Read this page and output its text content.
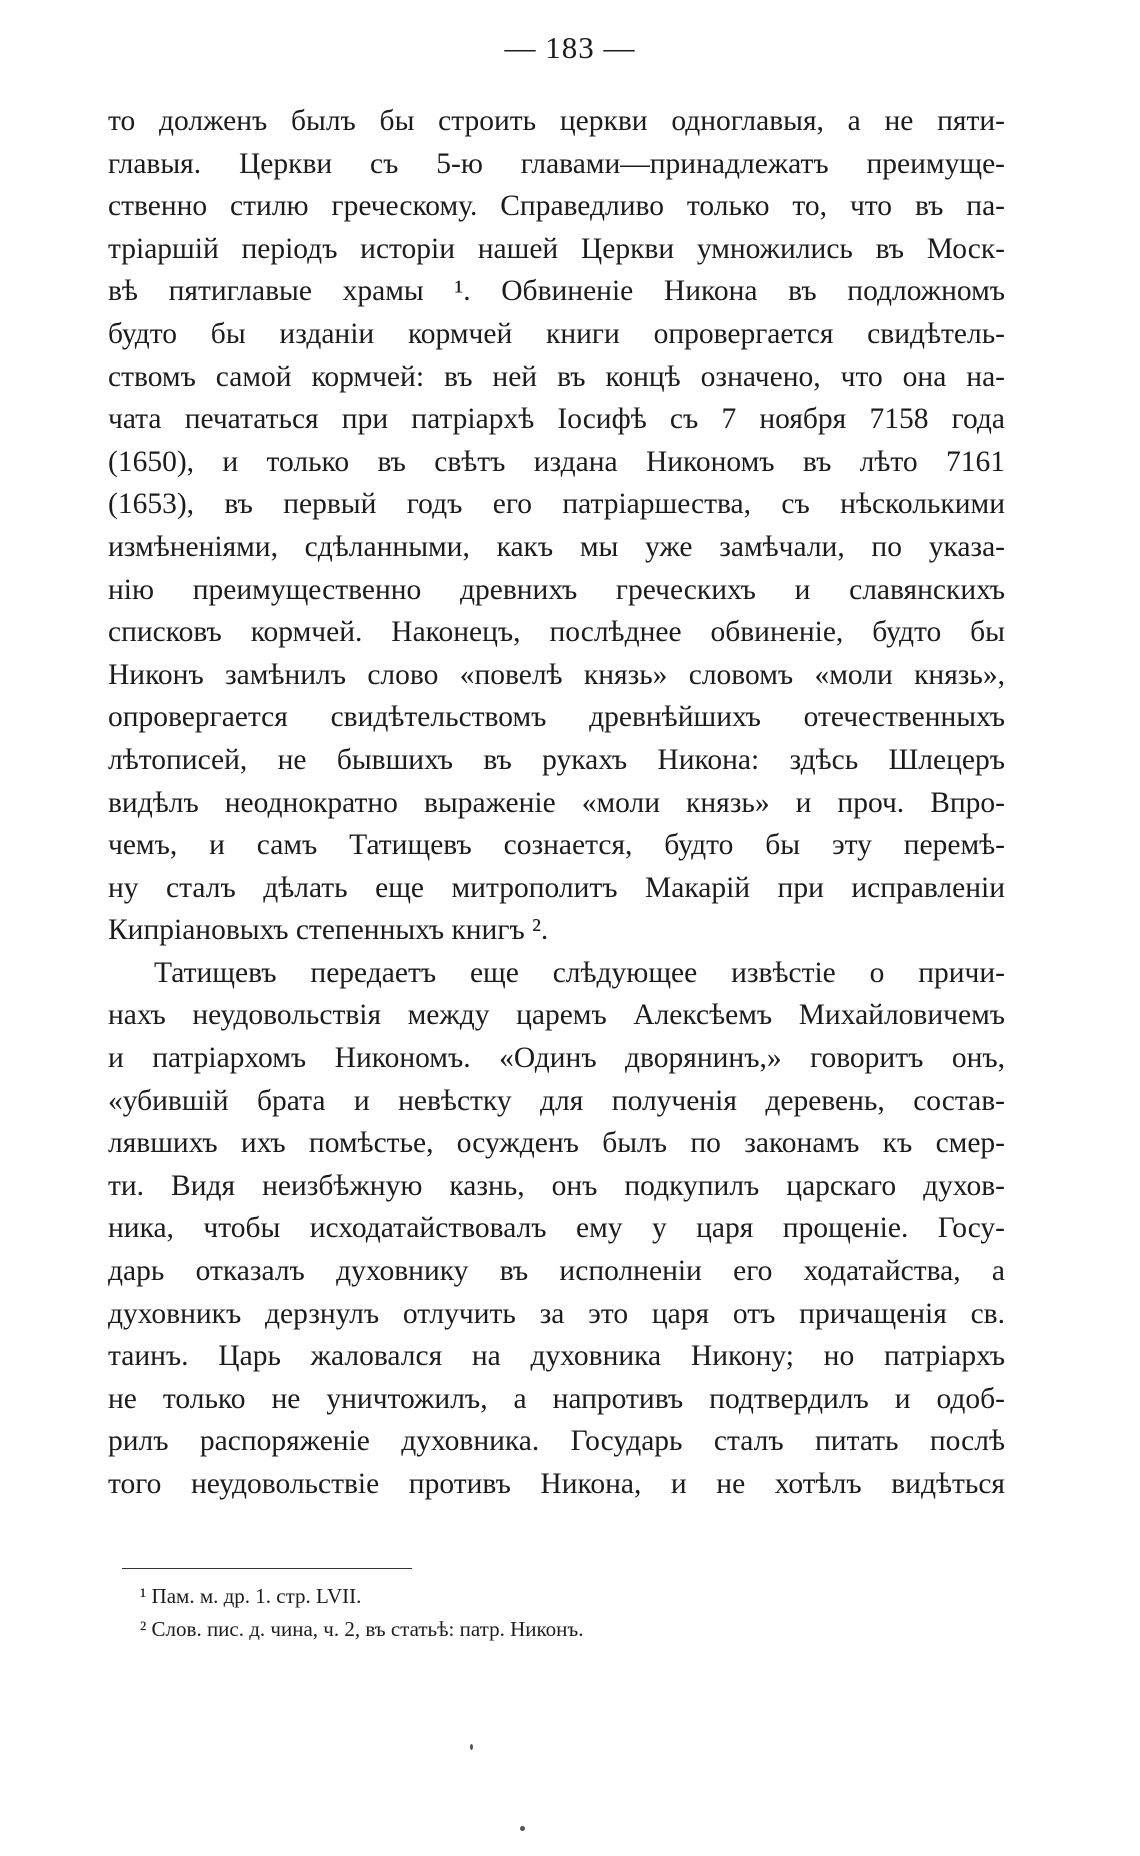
— 183 —
то долженъ былъ бы строить церкви одноглавыя, а не пяти-
главыя. Церкви съ 5-ю главами—принадлежатъ преимуще-
ственно стилю греческому. Справедливо только то, что въ па-
тріаршій періодъ исторіи нашей Церкви умножились въ Моск-
вѣ пятиглавые храмы ¹. Обвиненіе Никона въ подложномъ
будто бы изданіи кормчей книги опровергается свидѣтель-
ствомъ самой кормчей: въ ней въ концѣ означено, что она на-
чата печататься при патріархѣ Іосифѣ съ 7 ноября 7158 года
(1650), и только въ свѣтъ издана Никономъ въ лѣто 7161
(1653), въ первый годъ его патріаршества, съ нѣсколькими
измѣненіями, сдѣланными, какъ мы уже замѣчали, по указа-
нію преимущественно древнихъ греческихъ и славянскихъ
списковъ кормчей. Наконецъ, послѣднее обвиненіе, будто бы
Никонъ замѣнилъ слово «повелѣ князь» словомъ «моли князь»,
опровергается свидѣтельствомъ древнѣйшихъ отечественныхъ
лѣтописей, не бывшихъ въ рукахъ Никона: здѣсь Шлецеръ
видѣлъ неоднократно выраженіе «моли князь» и проч. Впро-
чемъ, и самъ Татищевъ сознается, будто бы эту перемѣ-
ну сталъ дѣлать еще митрополитъ Макарій при исправленіи
Кипріановыхъ степенныхъ книгъ ².
Татищевъ передаетъ еще слѣдующее извѣстіе о причи-
нахъ неудовольствія между царемъ Алексѣемъ Михайловичемъ
и патріархомъ Никономъ. «Одинъ дворянинъ,» говоритъ онъ,
«убившій брата и невѣстку для полученія деревень, состав-
лявшихъ ихъ помѣстье, осужденъ былъ по законамъ къ смер-
ти. Видя неизбѣжную казнь, онъ подкупилъ царскаго духов-
ника, чтобы исходатайствовалъ ему у царя прощеніе. Госу-
дарь отказалъ духовнику въ исполненіи его ходатайства, а
духовникъ дерзнулъ отлучить за это царя отъ причащенія св.
таинъ. Царь жаловался на духовника Никону; но патріархъ
не только не уничтожилъ, а напротивъ подтвердилъ и одоб-
рилъ распоряженіе духовника. Государь сталъ питать послѣ
того неудовольствіе противъ Никона, и не хотѣлъ видѣться
¹ Пам. м. др. 1. стр. LVII.
² Слов. пис. д. чина, ч. 2, въ статьѣ: патр. Никонъ.
